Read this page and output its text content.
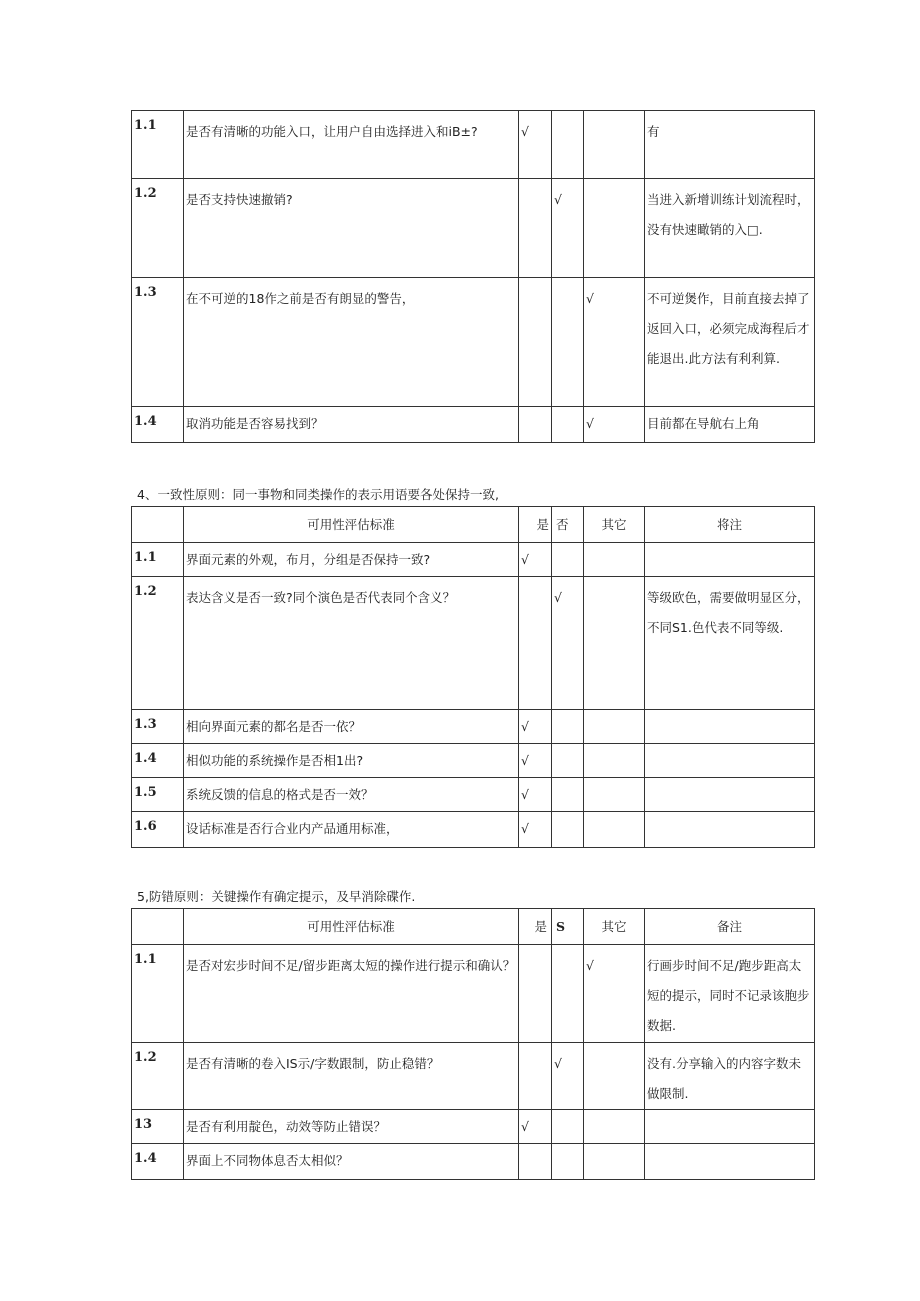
1.1	是否有清晰的功能入口，让用户自由选择进入和iB±?	√			有
1.2	是否支持快速撤销?		√		当进入新增训练计划流程时，没有快速瞰销的入□.
1.3	在不可逆的18作之前是否有朗显的警告，			√	不可逆煲作，目前直接去掉了返回入口，必须完成海程后才能退出.此方法有利利算.
1.4	取消功能是否容易找到？			√	目前都在导航右上角
4、一致性原则：同一事物和同类操作的表示用语要各处保持一致,
	可用性泙估标准	是	否	其它	将注
1.1	界面元素的外观，布月，分组是否保持一致?	√			
1.2	表达含义是否一致?同个演色是否代表同个含义？		√		等级欧色，需要做明显区分，不同S1.色代表不同等级.
1.3	相向界面元素的都名是否一依？	√			
1.4	相似功能的系统操作是否相1出?	√			
1.5	系统反馈的信息的格式是否一效？	√			
1.6	设话标准是否行合业内产品通用标准，	√			
5,防错原则：关键操作有确定提示，及早消除碟作.
	可用性泙估标准	是	S	其它	备注
1.1	是否对宏步时间不足/留步距离太短的操作进行提示和确认？			√	行画步时间不足/跑步距高太短的提示，同时不记录该胞步数据.
1.2	是否有清晰的卷入IS示/字数跟制，防止稳错？		√		没有.分享输入的内容字数未做限制.
13	是否有利用靛色，动效等防止错误？	√			
1.4	界面上不同物体息否太相似？				
